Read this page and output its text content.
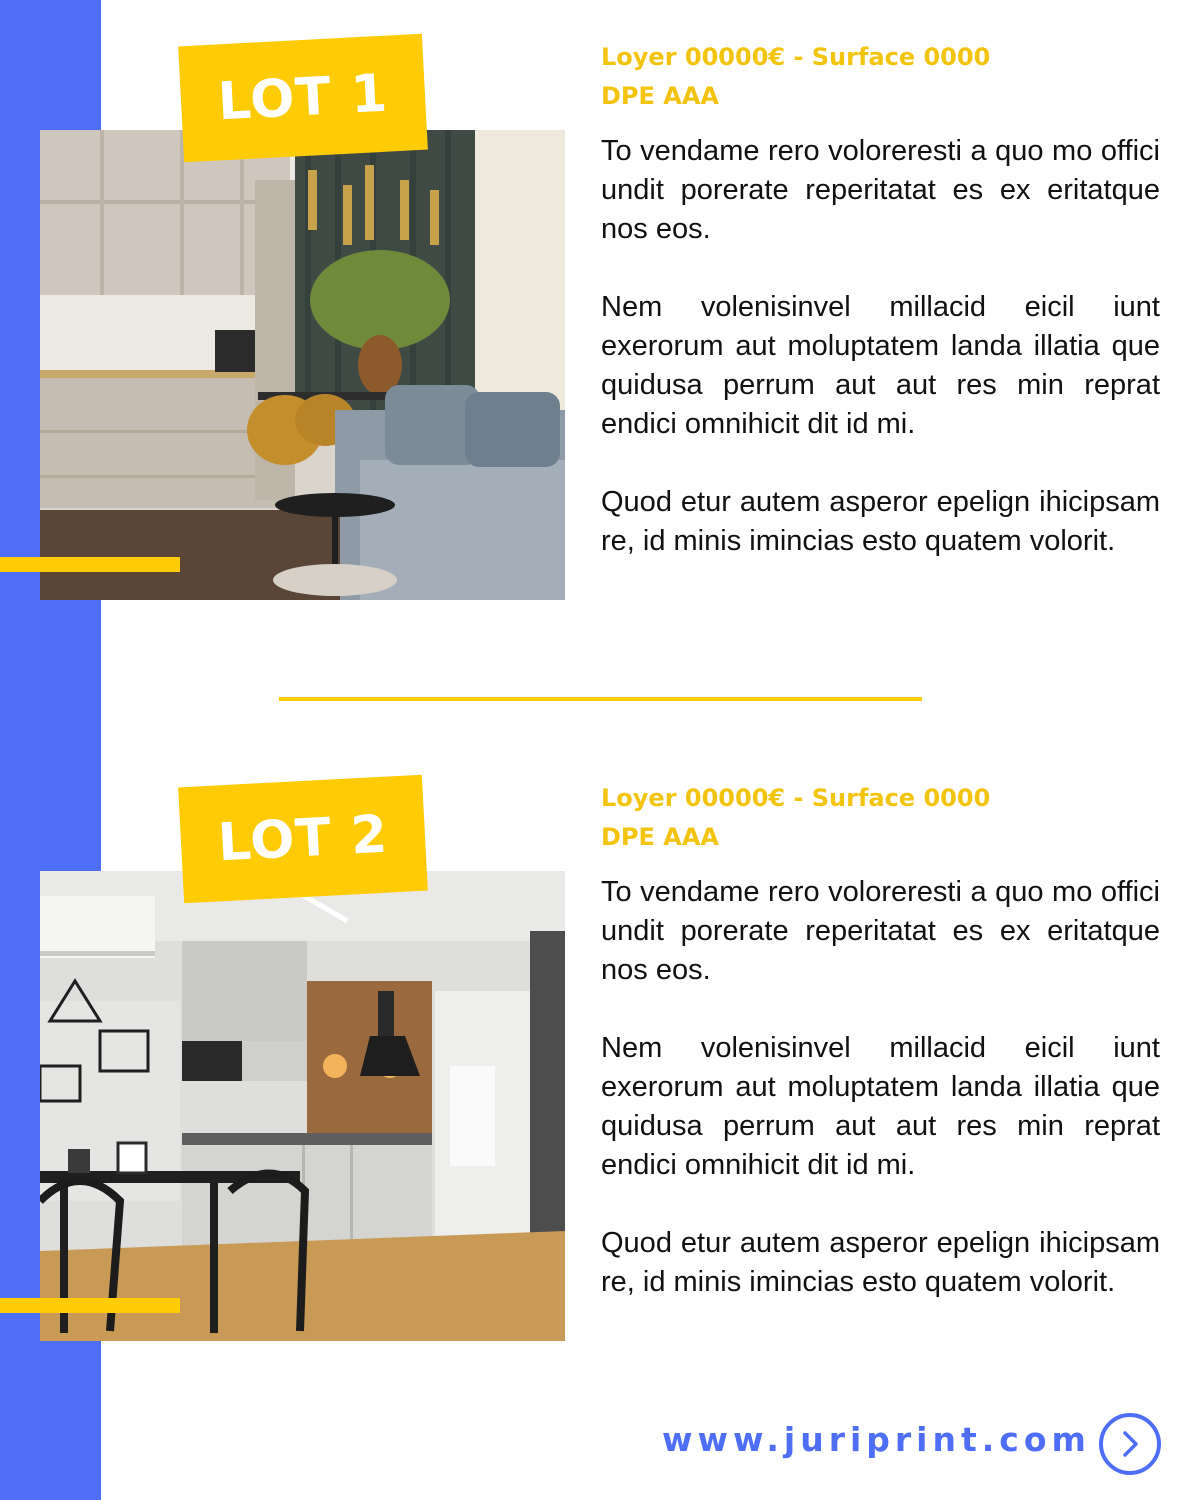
LOT 1
Loyer 00000€ - Surface 0000
DPE AAA

To vendame rero voloreresti a quo mo offici undit porerate reperitatat es ex eritatque nos eos.

Nem volenisinvel millacid eicil iunt exerorum aut moluptatem landa illatia que quidusa perrum aut aut res min reprat endici omnihicit dit id mi.

Quod etur autem asperor epelign ihicipsam re, id minis imincias esto quatem volorit.

LOT 2
Loyer 00000€ - Surface 0000
DPE AAA

To vendame rero voloreresti a quo mo offici undit porerate reperitatat es ex eritatque nos eos.

Nem volenisinvel millacid eicil iunt exerorum aut moluptatem landa illatia que quidusa perrum aut aut res min reprat endici omnihicit dit id mi.

Quod etur autem asperor epelign ihicipsam re, id minis imincias esto quatem volorit.

www.juriprint.com
